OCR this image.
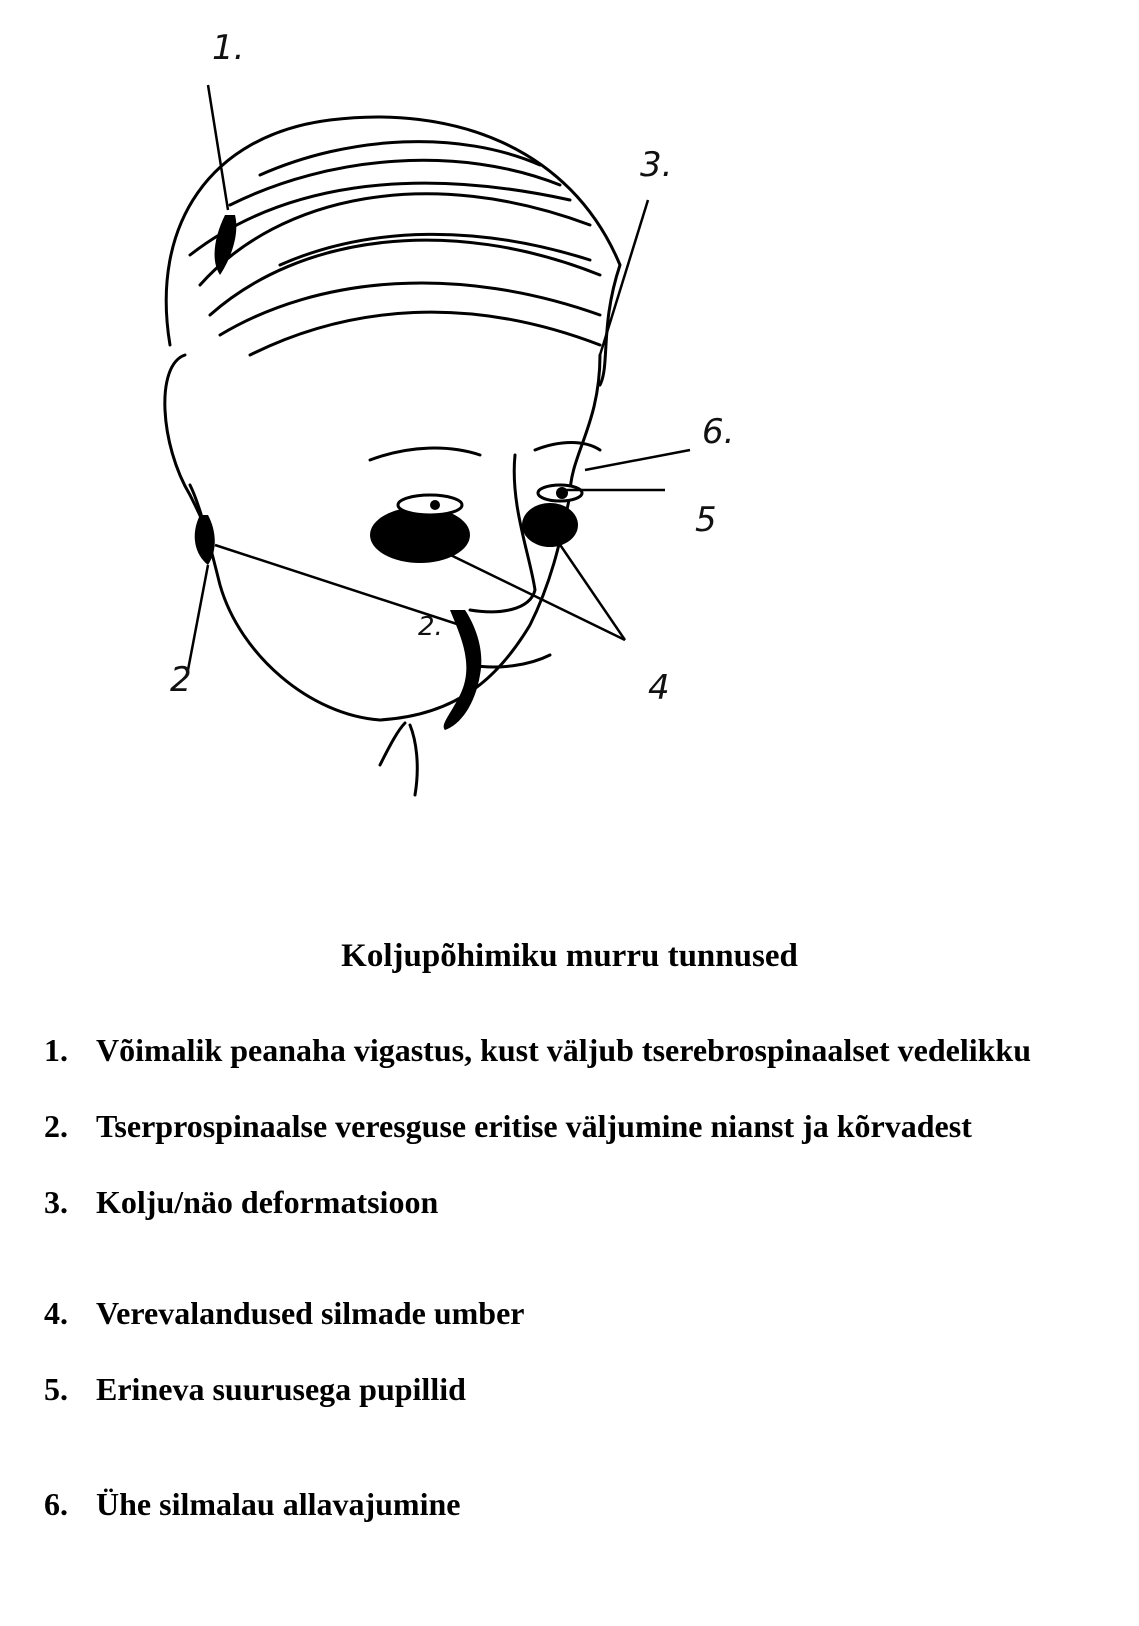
1.
2.
3.
4
5
6.
2
Koljupõhimiku murru tunnused
1. Võimalik peanaha vigastus, kust väljub tserebrospinaalset vedelikku
2. Tserprospinaalse veresguse eritise väljumine nianst ja kõrvadest
3. Kolju/näo deformatsioon
4. Verevalandused silmade umber
5. Erineva suurusega pupillid
6. Ühe silmalau allavajumine
